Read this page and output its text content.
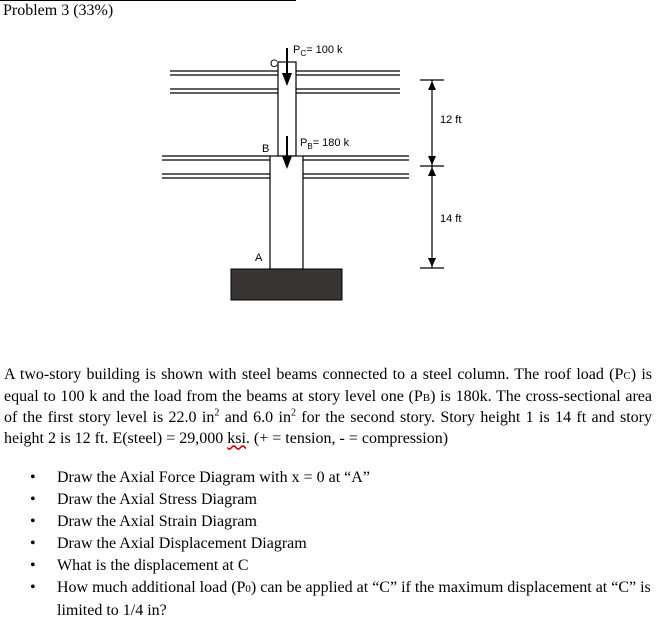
Problem 3 (33%)
C
B
A
$P_C= 100$ k
$P_B= 180$ k
12 ft
14 ft
A two-story building is shown with steel beams connected to a steel column. The roof load (PC) is equal to 100 k and the load from the beams at story level one (PB) is 180k. The cross-sectional area of the first story level is 22.0 $in^2$ and 6.0 $in^2$ for the second story. Story height 1 is 14 ft and story height 2 is 12 ft. E(steel) = 29,000 ksi. (+ = tension, - = compression)
• Draw the Axial Force Diagram with x = 0 at “A”
• Draw the Axial Stress Diagram
• Draw the Axial Strain Diagram
• Draw the Axial Displacement Diagram
• What is the displacement at C
• How much additional load (P0) can be applied at “C” if the maximum displacement at “C” is limited to 1/4 in?
